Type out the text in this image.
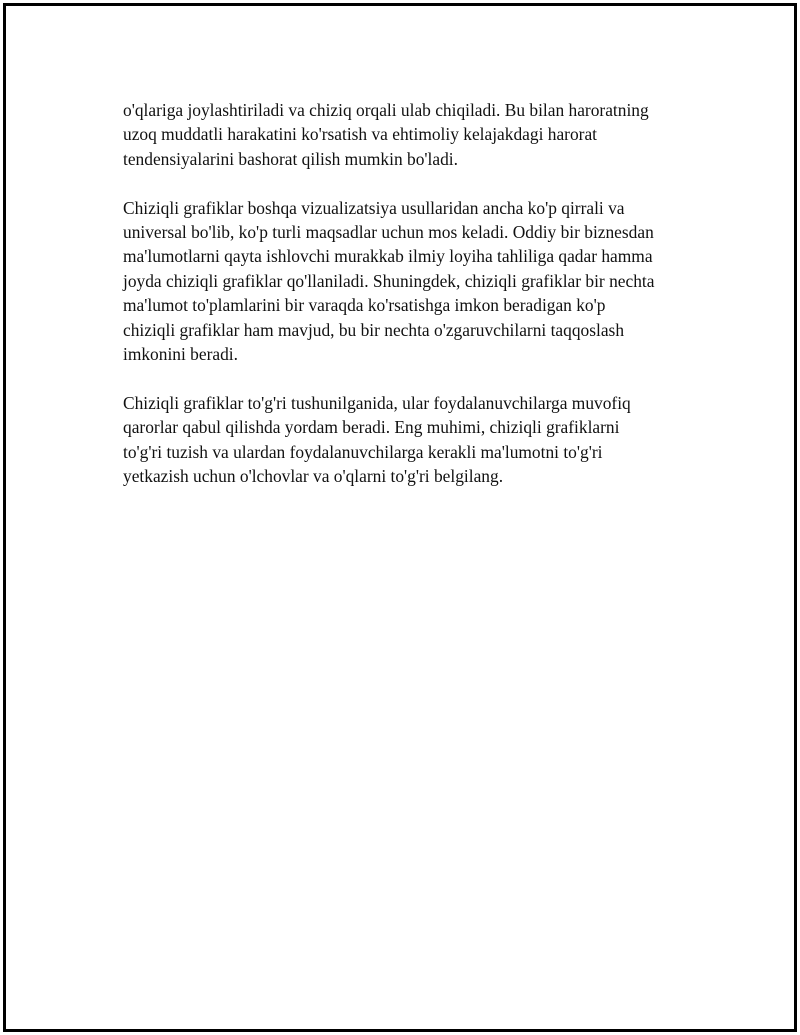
o'qlariga joylashtiriladi va chiziq orqali ulab chiqiladi. Bu bilan haroratning
uzoq muddatli harakatini ko'rsatish va ehtimoliy kelajakdagi harorat
tendensiyalarini bashorat qilish mumkin bo'ladi.

Chiziqli grafiklar boshqa vizualizatsiya usullaridan ancha ko'p qirrali va
universal bo'lib, ko'p turli maqsadlar uchun mos keladi. Oddiy bir biznesdan
ma'lumotlarni qayta ishlovchi murakkab ilmiy loyiha tahliliga qadar hamma
joyda chiziqli grafiklar qo'llaniladi. Shuningdek, chiziqli grafiklar bir nechta
ma'lumot to'plamlarini bir varaqda ko'rsatishga imkon beradigan ko'p
chiziqli grafiklar ham mavjud, bu bir nechta o'zgaruvchilarni taqqoslash
imkonini beradi.

Chiziqli grafiklar to'g'ri tushunilganida, ular foydalanuvchilarga muvofiq
qarorlar qabul qilishda yordam beradi. Eng muhimi, chiziqli grafiklarni
to'g'ri tuzish va ulardan foydalanuvchilarga kerakli ma'lumotni to'g'ri
yetkazish uchun o'lchovlar va o'qlarni to'g'ri belgilang.
